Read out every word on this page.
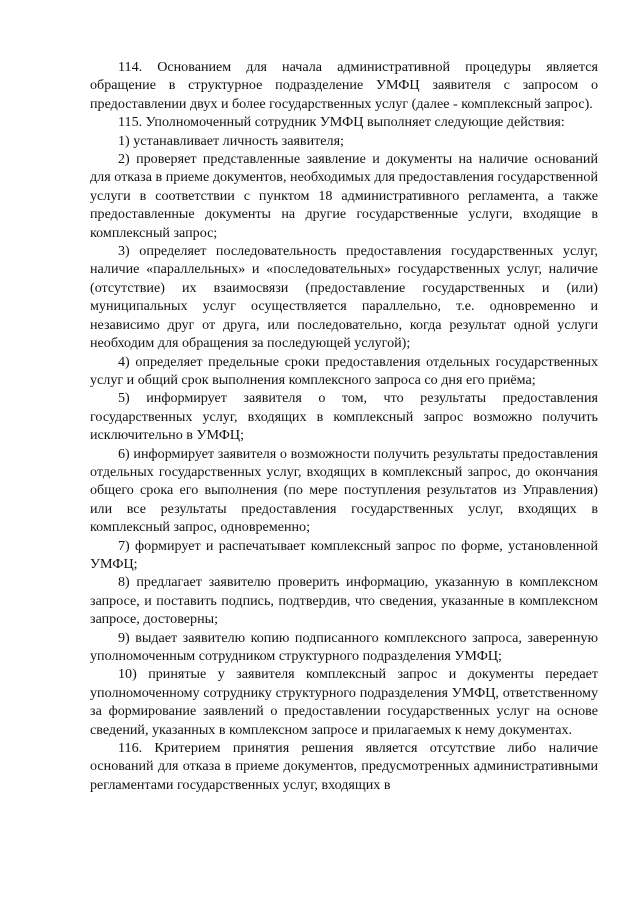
114. Основанием для начала административной процедуры является обращение в структурное подразделение УМФЦ заявителя с запросом о предоставлении двух и более государственных услуг (далее - комплексный запрос).

115. Уполномоченный сотрудник УМФЦ выполняет следующие действия:

1) устанавливает личность заявителя;

2) проверяет представленные заявление и документы на наличие оснований для отказа в приеме документов, необходимых для предоставления государственной услуги в соответствии с пунктом 18 административного регламента, а также предоставленные документы на другие государственные услуги, входящие в комплексный запрос;

3) определяет последовательность предоставления государственных услуг, наличие «параллельных» и «последовательных» государственных услуг, наличие (отсутствие) их взаимосвязи (предоставление государственных и (или) муниципальных услуг осуществляется параллельно, т.е. одновременно и независимо друг от друга, или последовательно, когда результат одной услуги необходим для обращения за последующей услугой);

4) определяет предельные сроки предоставления отдельных государственных услуг и общий срок выполнения комплексного запроса со дня его приёма;

5) информирует заявителя о том, что результаты предоставления государственных услуг, входящих в комплексный запрос возможно получить исключительно в УМФЦ;

6) информирует заявителя о возможности получить результаты предоставления отдельных государственных услуг, входящих в комплексный запрос, до окончания общего срока его выполнения (по мере поступления результатов из Управления) или все результаты предоставления государственных услуг, входящих в комплексный запрос, одновременно;

7) формирует и распечатывает комплексный запрос по форме, установленной УМФЦ;

8) предлагает заявителю проверить информацию, указанную в комплексном запросе, и поставить подпись, подтвердив, что сведения, указанные в комплексном запросе, достоверны;

9) выдает заявителю копию подписанного комплексного запроса, заверенную уполномоченным сотрудником структурного подразделения УМФЦ;

10) принятые у заявителя комплексный запрос и документы передает уполномоченному сотруднику структурного подразделения УМФЦ, ответственному за формирование заявлений о предоставлении государственных услуг на основе сведений, указанных в комплексном запросе и прилагаемых к нему документах.

116. Критерием принятия решения является отсутствие либо наличие оснований для отказа в приеме документов, предусмотренных административными регламентами государственных услуг, входящих в
